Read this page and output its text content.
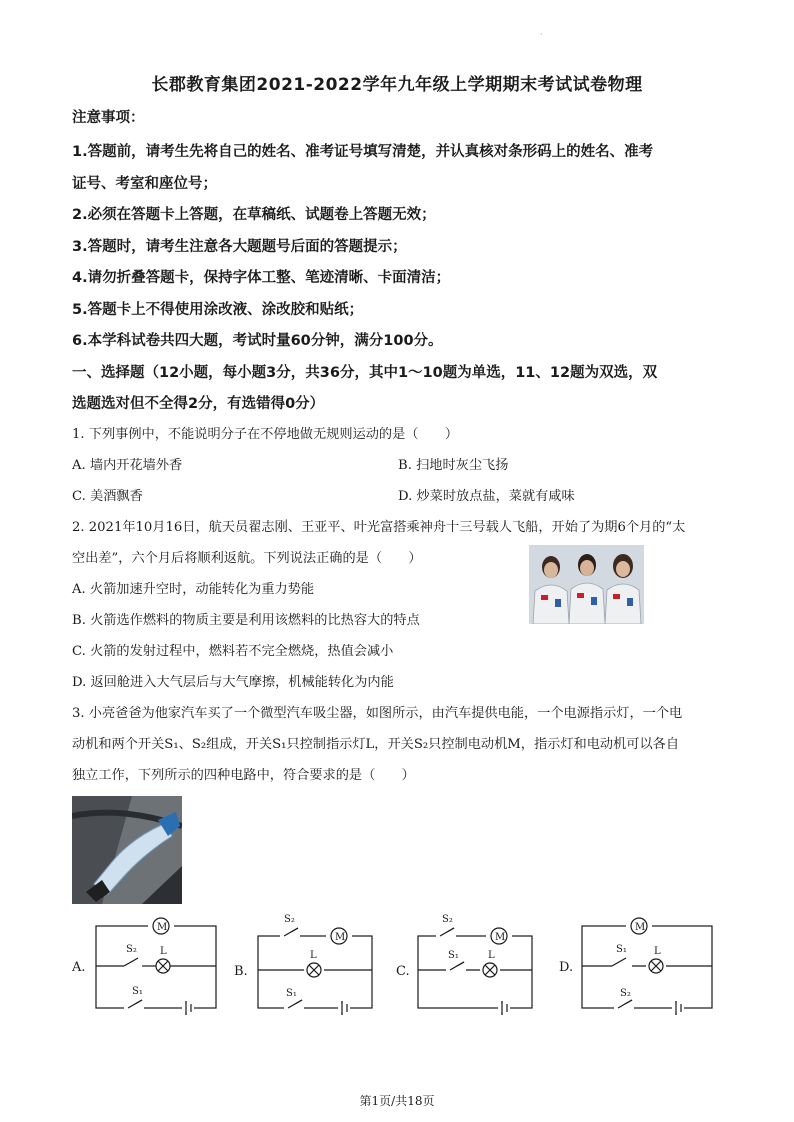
·
长郡教育集团2021-2022学年九年级上学期期末考试试卷物理
注意事项：
1.答题前，请考生先将自己的姓名、准考证号填写清楚，并认真核对条形码上的姓名、准考
证号、考室和座位号；
2.必须在答题卡上答题，在草稿纸、试题卷上答题无效；
3.答题时，请考生注意各大题题号后面的答题提示；
4.请勿折叠答题卡，保持字体工整、笔迹清晰、卡面清洁；
5.答题卡上不得使用涂改液、涂改胶和贴纸；
6.本学科试卷共四大题，考试时量60分钟，满分100分。
一、选择题（12小题，每小题3分，共36分，其中1～10题为单选，11、12题为双选，双
选题选对但不全得2分，有选错得0分）
1. 下列事例中，不能说明分子在不停地做无规则运动的是（　　）
A. 墙内开花墙外香	B. 扫地时灰尘飞扬
C. 美酒飘香	D. 炒菜时放点盐，菜就有咸味
2. 2021年10月16日，航天员翟志刚、王亚平、叶光富搭乘神舟十三号载人飞船，开始了为期6个月的“太
空出差”，六个月后将顺利返航。下列说法正确的是（　　）
A. 火箭加速升空时，动能转化为重力势能
B. 火箭选作燃料的物质主要是利用该燃料的比热容大的特点
C. 火箭的发射过程中，燃料若不完全燃烧，热值会减小
D. 返回舱进入大气层后与大气摩擦，机械能转化为内能
3. 小亮爸爸为他家汽车买了一个微型汽车吸尘器，如图所示，由汽车提供电能，一个电源指示灯，一个电
动机和两个开关S₁、S₂组成，开关S₁只控制指示灯L，开关S₂只控制电动机M，指示灯和电动机可以各自
独立工作，下列所示的四种电路中，符合要求的是（　　）
M
S₂ L
S₁
S₂
M
L
S₁
S₂
M
S₁	L
M
S₁	L
S₂
A.	B.	C.	D.
第1页/共18页
